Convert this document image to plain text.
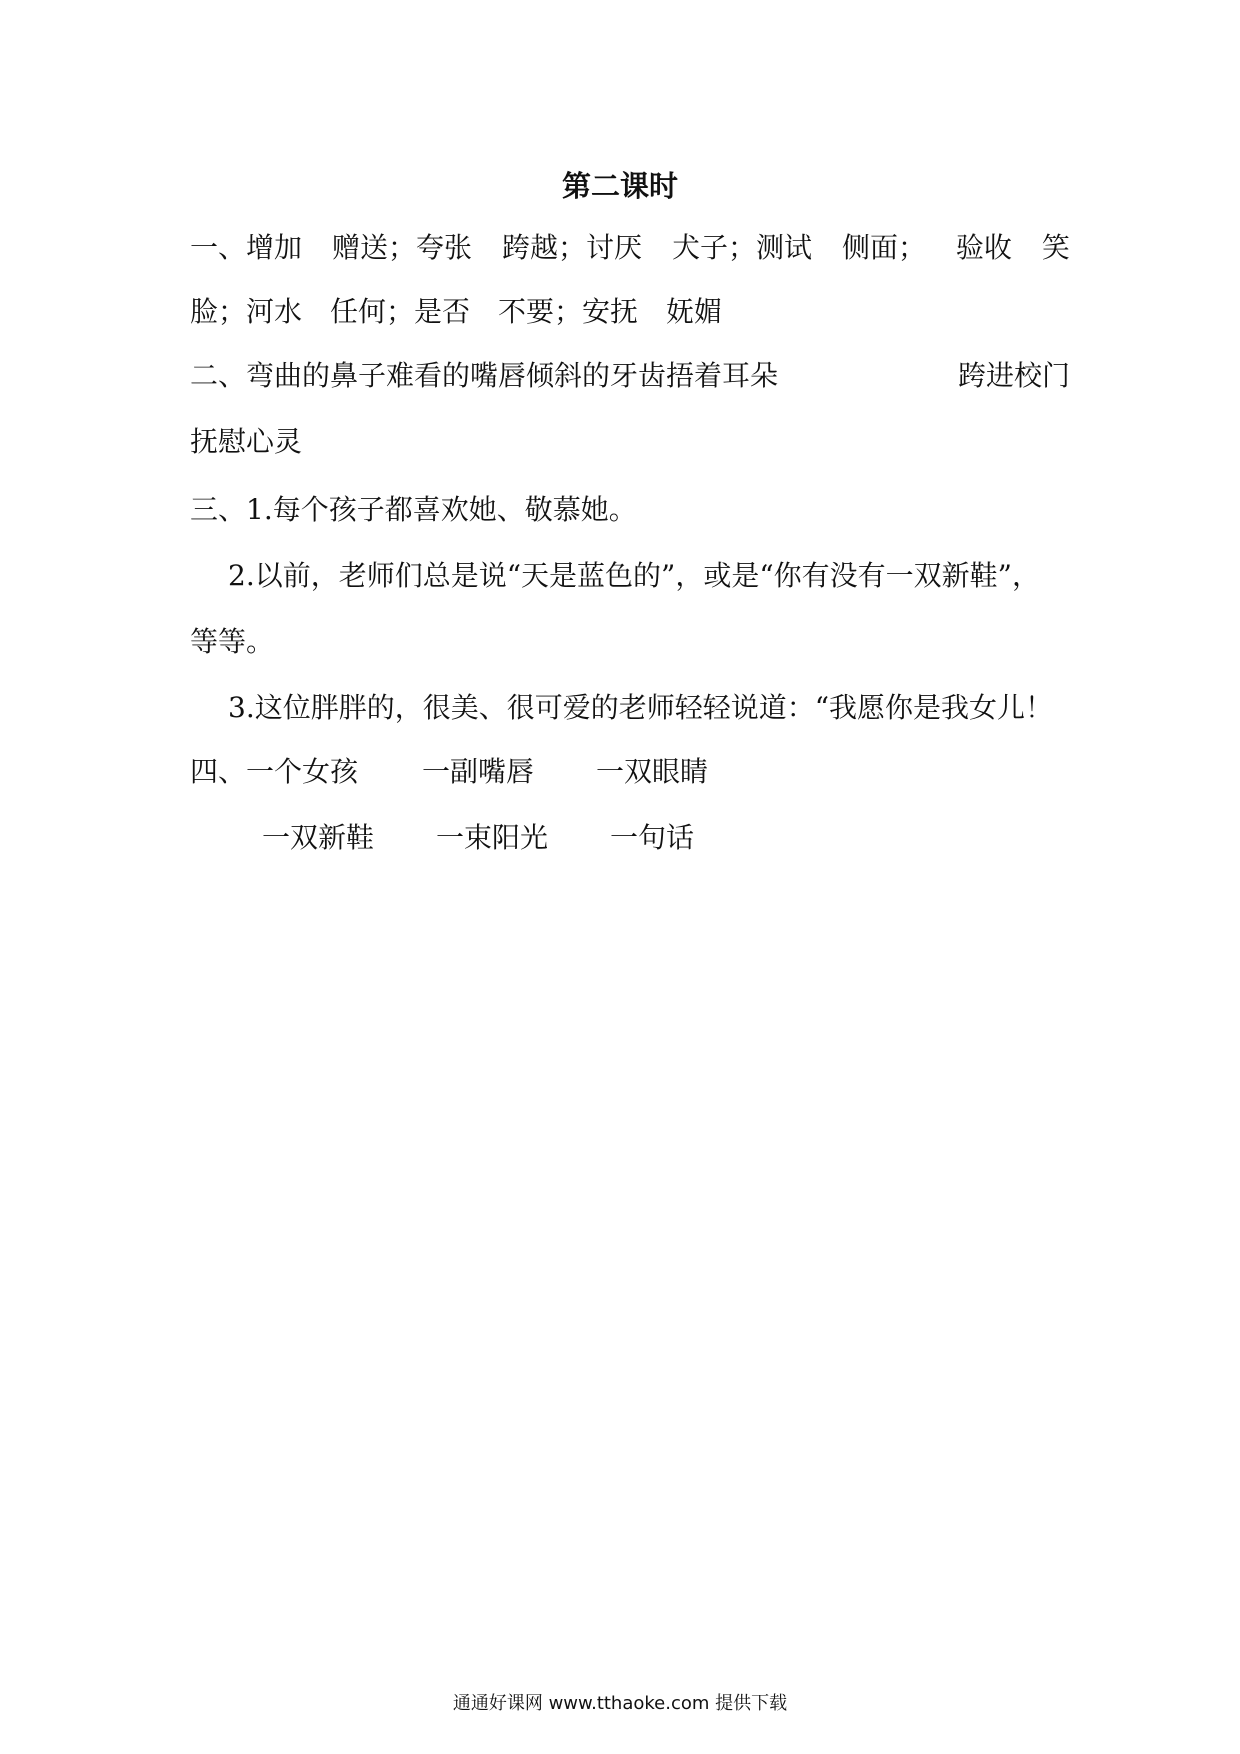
第二课时
一、增加 赠送；夸张 跨越；讨厌 犬子；测试 侧面； 验收 笑
脸；河水　任何；是否　不要；安抚　妩媚
二、弯曲的鼻子难看的嘴唇倾斜的牙齿捂着耳朵	跨进校门
抚慰心灵
三、1.每个孩子都喜欢她、敬慕她。
2.以前，老师们总是说“天是蓝色的”，或是“你有没有一双新鞋”，
等等。
3.这位胖胖的，很美、很可爱的老师轻轻说道：“我愿你是我女儿！
四、一个女孩 一副嘴唇 一双眼睛
一双新鞋 一束阳光 一句话
通通好课网 www.tthaoke.com 提供下载
